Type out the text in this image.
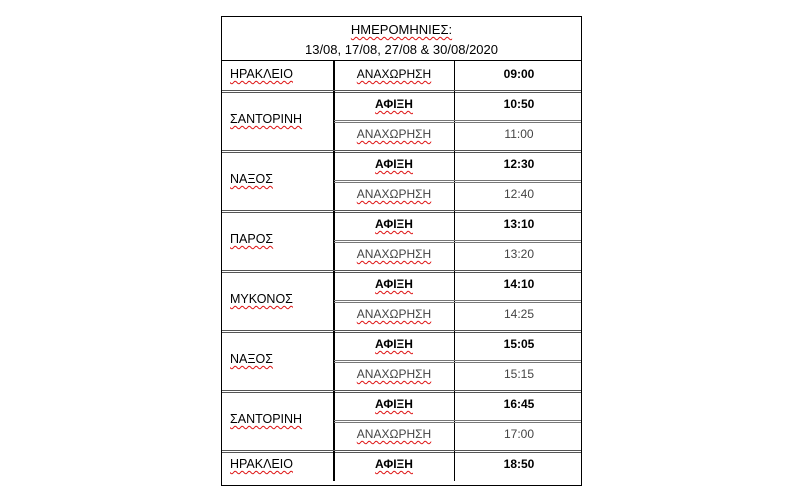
ΗΜΕΡΟΜΗΝΙΕΣ:
13/08, 17/08, 27/08 & 30/08/2020
ΗΡΑΚΛΕΙΟ	ΑΝΑΧΩΡΗΣΗ	09:00
ΣΑΝΤΟΡΙΝΗ
ΑΦΙΞΗ	10:50
ΑΝΑΧΩΡΗΣΗ	11:00
ΝΑΞΟΣ
ΑΦΙΞΗ	12:30
ΑΝΑΧΩΡΗΣΗ	12:40
ΠΑΡΟΣ
ΑΦΙΞΗ	13:10
ΑΝΑΧΩΡΗΣΗ	13:20
ΜΥΚΟΝΟΣ
ΑΦΙΞΗ	14:10
ΑΝΑΧΩΡΗΣΗ	14:25
ΝΑΞΟΣ
ΑΦΙΞΗ	15:05
ΑΝΑΧΩΡΗΣΗ	15:15
ΣΑΝΤΟΡΙΝΗ
ΑΦΙΞΗ	16:45
ΑΝΑΧΩΡΗΣΗ	17:00
ΗΡΑΚΛΕΙΟ	ΑΦΙΞΗ	18:50
